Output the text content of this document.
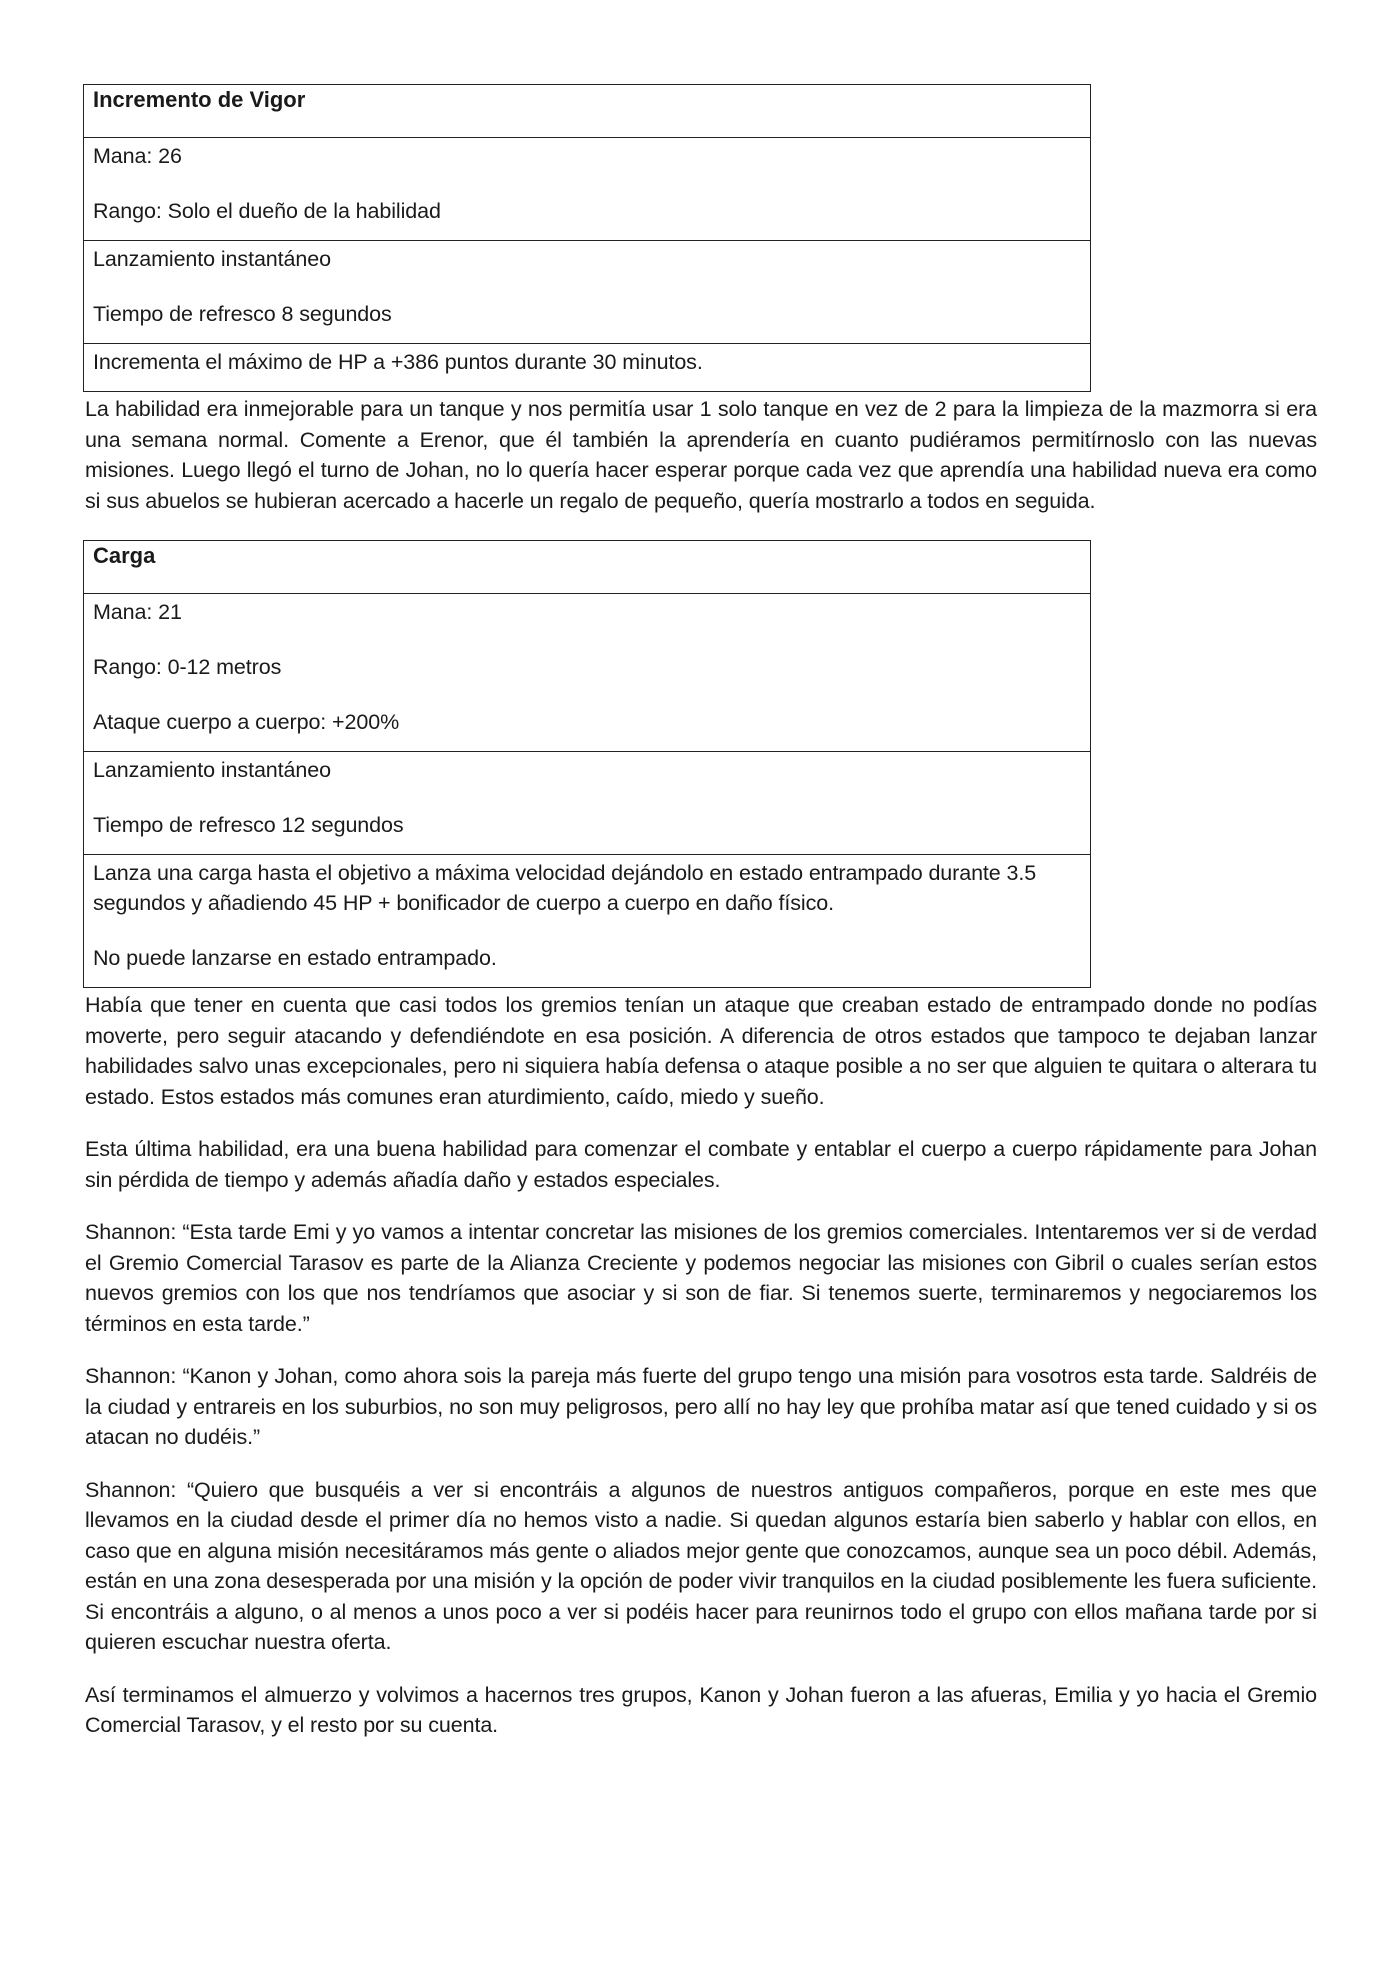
Incremento de Vigor

Mana: 26

Rango: Solo el dueño de la habilidad

Lanzamiento instantáneo

Tiempo de refresco 8 segundos

Incrementa el máximo de HP a +386 puntos durante 30 minutos.

La habilidad era inmejorable para un tanque y nos permitía usar 1 solo tanque en vez de 2 para la limpieza de la mazmorra si era una semana normal. Comente a Erenor, que él también la aprendería en cuanto pudiéramos permitírnoslo con las nuevas misiones. Luego llegó el turno de Johan, no lo quería hacer esperar porque cada vez que aprendía una habilidad nueva era como si sus abuelos se hubieran acercado a hacerle un regalo de pequeño, quería mostrarlo a todos en seguida.

Carga

Mana: 21

Rango: 0-12 metros

Ataque cuerpo a cuerpo: +200%

Lanzamiento instantáneo

Tiempo de refresco 12 segundos

Lanza una carga hasta el objetivo a máxima velocidad dejándolo en estado entrampado durante 3.5 segundos y añadiendo 45 HP + bonificador de cuerpo a cuerpo en daño físico.

No puede lanzarse en estado entrampado.

Había que tener en cuenta que casi todos los gremios tenían un ataque que creaban estado de entrampado donde no podías moverte, pero seguir atacando y defendiéndote en esa posición. A diferencia de otros estados que tampoco te dejaban lanzar habilidades salvo unas excepcionales, pero ni siquiera había defensa o ataque posible a no ser que alguien te quitara o alterara tu estado. Estos estados más comunes eran aturdimiento, caído, miedo y sueño.

Esta última habilidad, era una buena habilidad para comenzar el combate y entablar el cuerpo a cuerpo rápidamente para Johan sin pérdida de tiempo y además añadía daño y estados especiales.

Shannon: “Esta tarde Emi y yo vamos a intentar concretar las misiones de los gremios comerciales. Intentaremos ver si de verdad el Gremio Comercial Tarasov es parte de la Alianza Creciente y podemos negociar las misiones con Gibril o cuales serían estos nuevos gremios con los que nos tendríamos que asociar y si son de fiar. Si tenemos suerte, terminaremos y negociaremos los términos en esta tarde.”

Shannon: “Kanon y Johan, como ahora sois la pareja más fuerte del grupo tengo una misión para vosotros esta tarde. Saldréis de la ciudad y entrareis en los suburbios, no son muy peligrosos, pero allí no hay ley que prohíba matar así que tened cuidado y si os atacan no dudéis.”

Shannon: “Quiero que busquéis a ver si encontráis a algunos de nuestros antiguos compañeros, porque en este mes que llevamos en la ciudad desde el primer día no hemos visto a nadie. Si quedan algunos estaría bien saberlo y hablar con ellos, en caso que en alguna misión necesitáramos más gente o aliados mejor gente que conozcamos, aunque sea un poco débil. Además, están en una zona desesperada por una misión y la opción de poder vivir tranquilos en la ciudad posiblemente les fuera suficiente. Si encontráis a alguno, o al menos a unos poco a ver si podéis hacer para reunirnos todo el grupo con ellos mañana tarde por si quieren escuchar nuestra oferta.

Así terminamos el almuerzo y volvimos a hacernos tres grupos, Kanon y Johan fueron a las afueras, Emilia y yo hacia el Gremio Comercial Tarasov, y el resto por su cuenta.
